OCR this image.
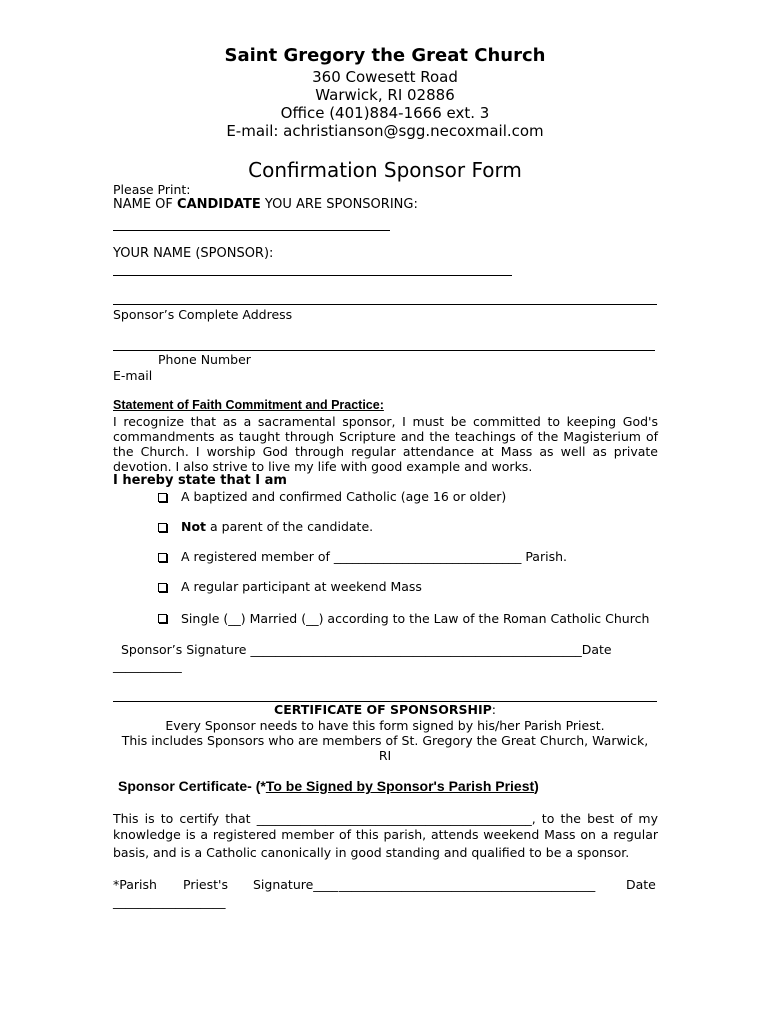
Saint Gregory the Great Church
360 Cowesett Road
Warwick, RI 02886
Office (401)884-1666 ext. 3
E-mail: achristianson@sgg.necoxmail.com
Confirmation Sponsor Form
Please Print:
NAME OF CANDIDATE YOU ARE SPONSORING:
YOUR NAME (SPONSOR):
Sponsor’s Complete Address
Phone Number
E-mail
Statement of Faith Commitment and Practice:
I recognize that as a sacramental sponsor, I must be committed to keeping God's
commandments as taught through Scripture and the teachings of the Magisterium of
the Church. I worship God through regular attendance at Mass as well as private
devotion. I also strive to live my life with good example and works.
I hereby state that I am
A baptized and confirmed Catholic (age 16 or older)
Not a parent of the candidate.
A registered member of ______________________________ Parish.
A regular participant at weekend Mass
Single (__) Married (__) according to the Law of the Roman Catholic Church
Sponsor’s Signature _____________________________________________________Date
___________
CERTIFICATE OF SPONSORSHIP:
Every Sponsor needs to have this form signed by his/her Parish Priest.
This includes Sponsors who are members of St. Gregory the Great Church, Warwick,
RI
Sponsor Certificate- (*To be Signed by Sponsor's Parish Priest)
This is to certify that ____________________________________________, to the best of my
knowledge is a registered member of this parish, attends weekend Mass on a regular
basis, and is a Catholic canonically in good standing and qualified to be a sponsor.
*Parish Priest's Signature____ _________________________________________ Date
__________________
